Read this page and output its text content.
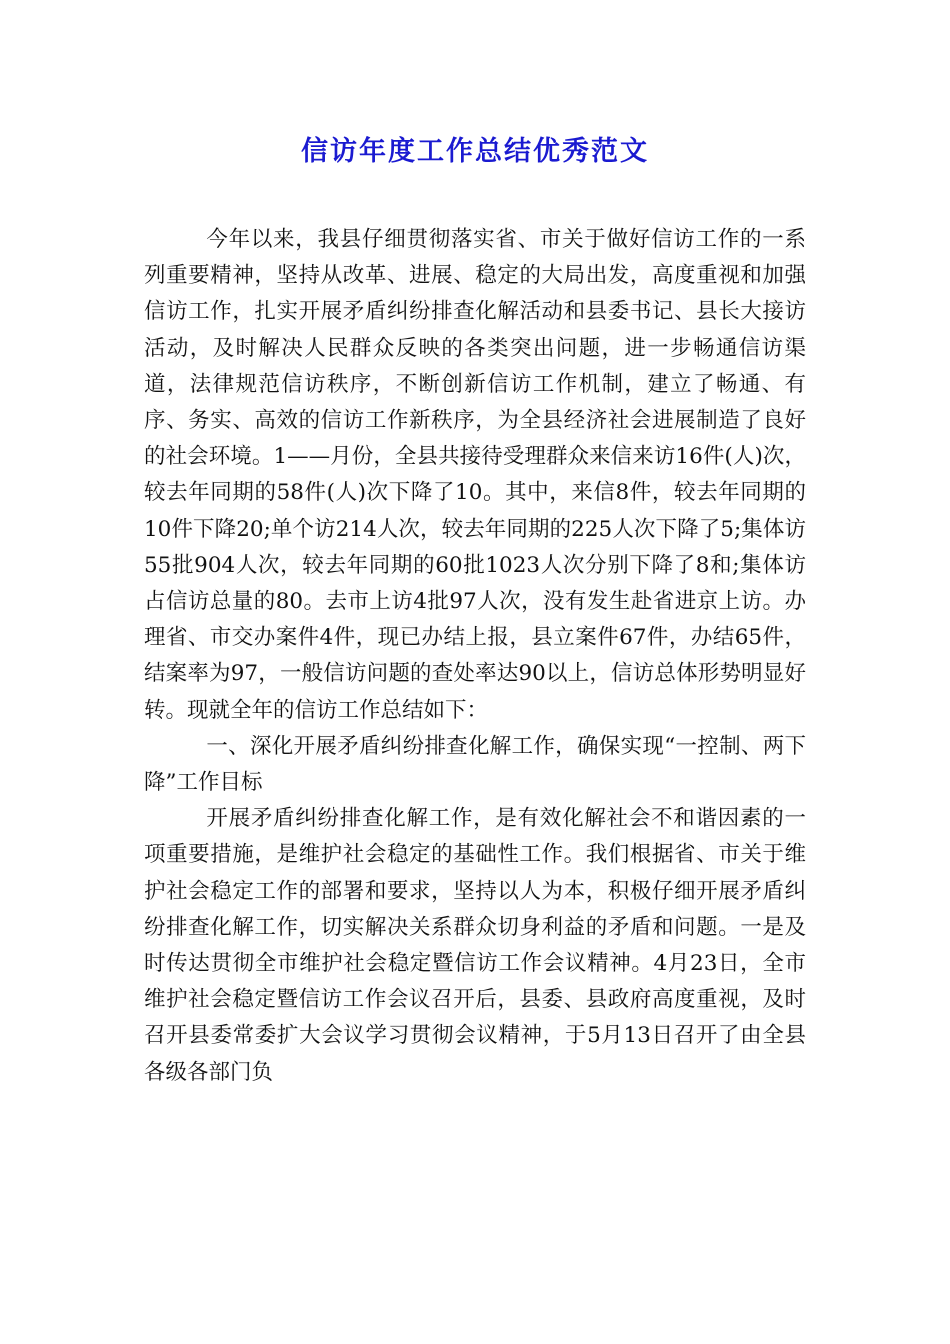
信访年度工作总结优秀范文

今年以来，我县仔细贯彻落实省、市关于做好信访工作的一系列重要精神，坚持从改革、进展、稳定的大局出发，高度重视和加强信访工作，扎实开展矛盾纠纷排查化解活动和县委书记、县长大接访活动，及时解决人民群众反映的各类突出问题，进一步畅通信访渠道，法律规范信访秩序，不断创新信访工作机制，建立了畅通、有序、务实、高效的信访工作新秩序，为全县经济社会进展制造了良好的社会环境。1——月份，全县共接待受理群众来信来访16件(人)次，较去年同期的58件(人)次下降了10。其中，来信8件，较去年同期的10件下降20;单个访214人次，较去年同期的225人次下降了5;集体访55批904人次，较去年同期的60批1023人次分别下降了8和;集体访占信访总量的80。去市上访4批97人次，没有发生赴省进京上访。办理省、市交办案件4件，现已办结上报，县立案件67件，办结65件，结案率为97，一般信访问题的查处率达90以上，信访总体形势明显好转。现就全年的信访工作总结如下：

一、深化开展矛盾纠纷排查化解工作，确保实现“一控制、两下降”工作目标

开展矛盾纠纷排查化解工作，是有效化解社会不和谐因素的一项重要措施，是维护社会稳定的基础性工作。我们根据省、市关于维护社会稳定工作的部署和要求，坚持以人为本，积极仔细开展矛盾纠纷排查化解工作，切实解决关系群众切身利益的矛盾和问题。一是及时传达贯彻全市维护社会稳定暨信访工作会议精神。4月23日，全市维护社会稳定暨信访工作会议召开后，县委、县政府高度重视，及时召开县委常委扩大会议学习贯彻会议精神，于5月13日召开了由全县各级各部门负
